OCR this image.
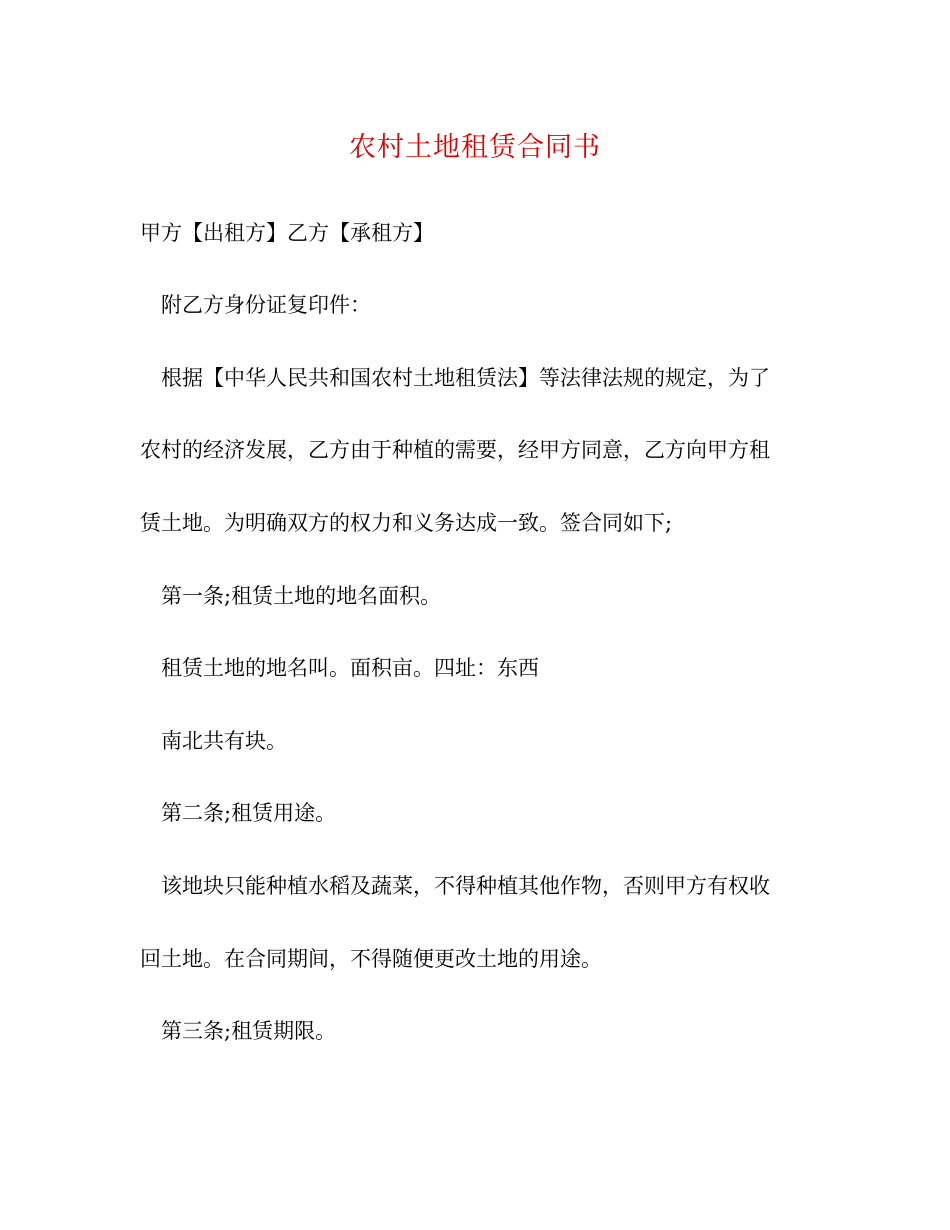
农村土地租赁合同书
甲方【出租方】乙方【承租方】
附乙方身份证复印件：
根据【中华人民共和国农村土地租赁法】等法律法规的规定，为了
农村的经济发展，乙方由于种植的需要，经甲方同意，乙方向甲方租
赁土地。为明确双方的权力和义务达成一致。签合同如下;
第一条;租赁土地的地名面积。
租赁土地的地名叫。面积亩。四址：东西
南北共有块。
第二条;租赁用途。
该地块只能种植水稻及蔬菜，不得种植其他作物，否则甲方有权收
回土地。在合同期间，不得随便更改土地的用途。
第三条;租赁期限。
